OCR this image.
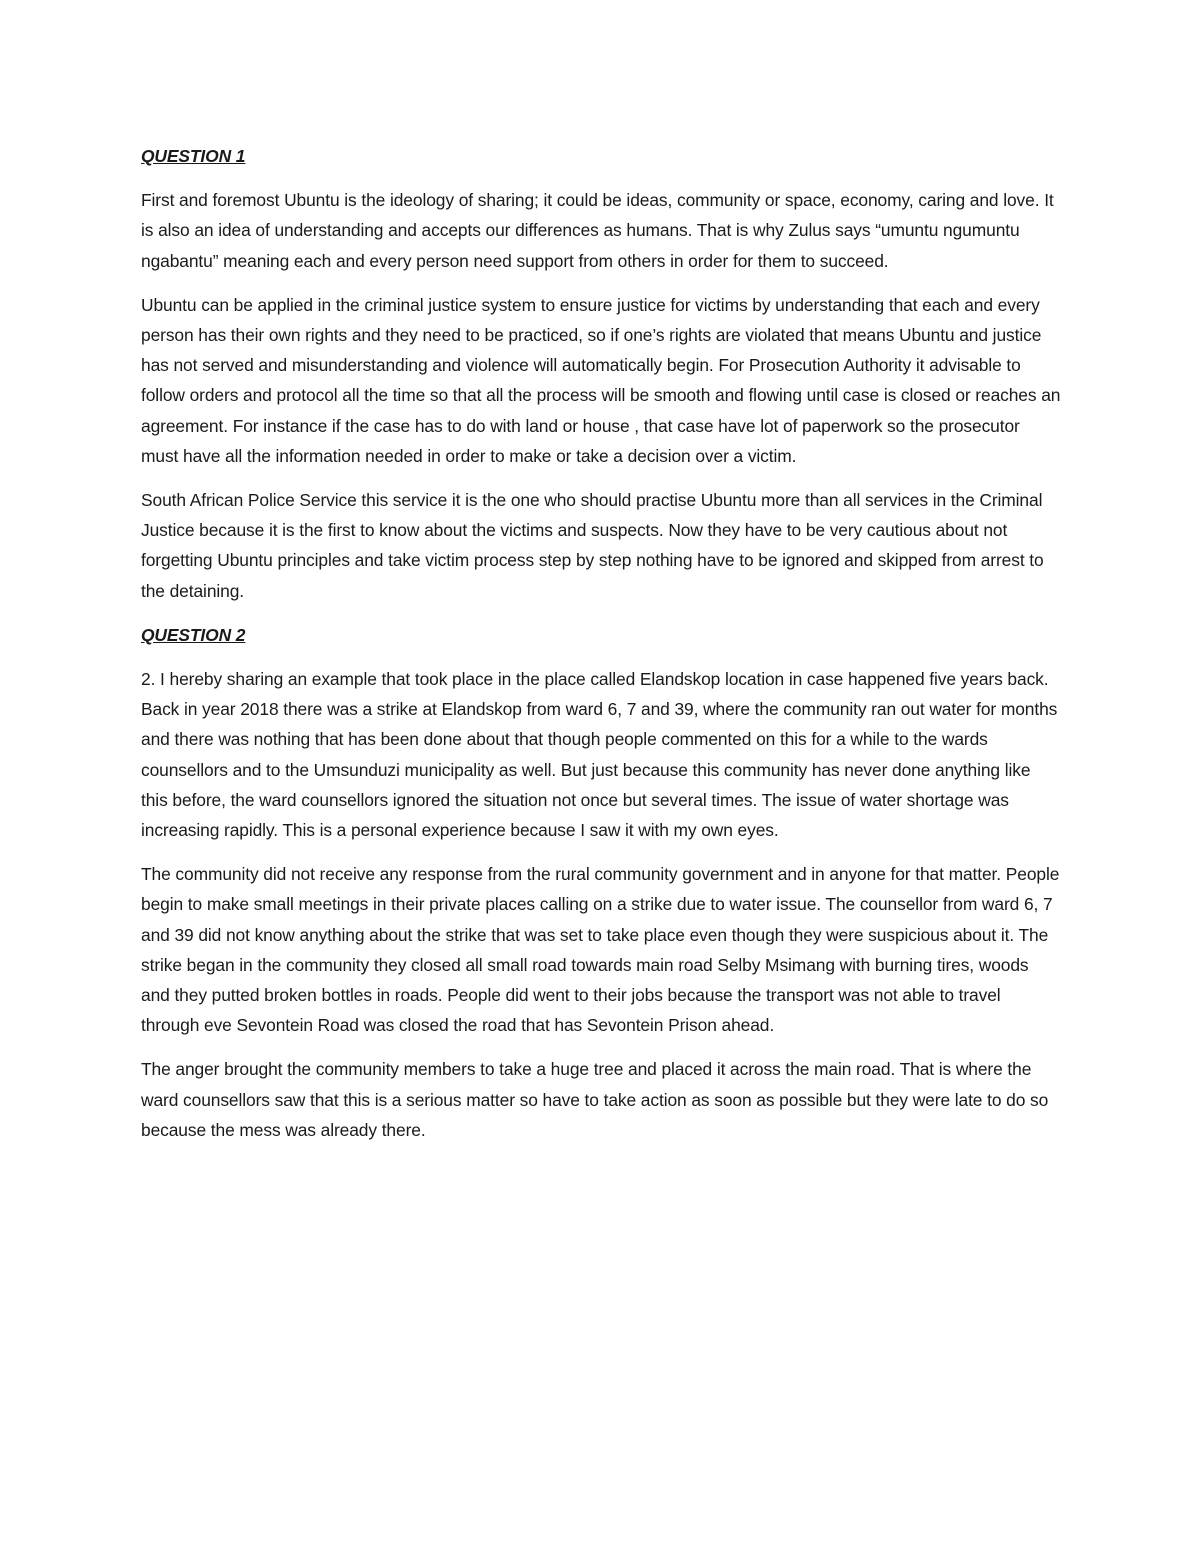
QUESTION 1

First and foremost Ubuntu is the ideology of sharing; it could be ideas, community or space, economy, caring and love. It is also an idea of understanding and accepts our differences as humans. That is why Zulus says “umuntu ngumuntu ngabantu” meaning each and every person need support from others in order for them to succeed.

Ubuntu can be applied in the criminal justice system to ensure justice for victims by understanding that each and every person has their own rights and they need to be practiced, so if one’s rights are violated that means Ubuntu and justice has not served and misunderstanding and violence will automatically begin. For Prosecution Authority it advisable to follow orders and protocol all the time so that all the process will be smooth and flowing until case is closed or reaches an agreement. For instance if the case has to do with land or house , that case have lot of paperwork so the prosecutor must have all the information needed in order to make or take a decision over a victim.

South African Police Service this service it is the one who should practise Ubuntu more than all services in the Criminal Justice because it is the first to know about the victims and suspects. Now they have to be very cautious about not forgetting Ubuntu principles and take victim process step by step nothing have to be ignored and skipped from arrest to the detaining.

QUESTION 2

2. I hereby sharing an example that took place in the place called Elandskop location in case happened five years back. Back in year 2018 there was a strike at Elandskop from ward 6, 7 and 39, where the community ran out water for months and there was nothing that has been done about that though people commented on this for a while to the wards counsellors and to the Umsunduzi municipality as well. But just because this community has never done anything like this before, the ward counsellors ignored the situation not once but several times. The issue of water shortage was increasing rapidly. This is a personal experience because I saw it with my own eyes.

The community did not receive any response from the rural community government and in anyone for that matter. People begin to make small meetings in their private places calling on a strike due to water issue. The counsellor from ward 6, 7 and 39 did not know anything about the strike that was set to take place even though they were suspicious about it. The strike began in the community they closed all small road towards main road Selby Msimang with burning tires, woods and they putted broken bottles in roads. People did went to their jobs because the transport was not able to travel through eve Sevontein Road was closed the road that has Sevontein Prison ahead.

The anger brought the community members to take a huge tree and placed it across the main road. That is where the ward counsellors saw that this is a serious matter so have to take action as soon as possible but they were late to do so because the mess was already there.
